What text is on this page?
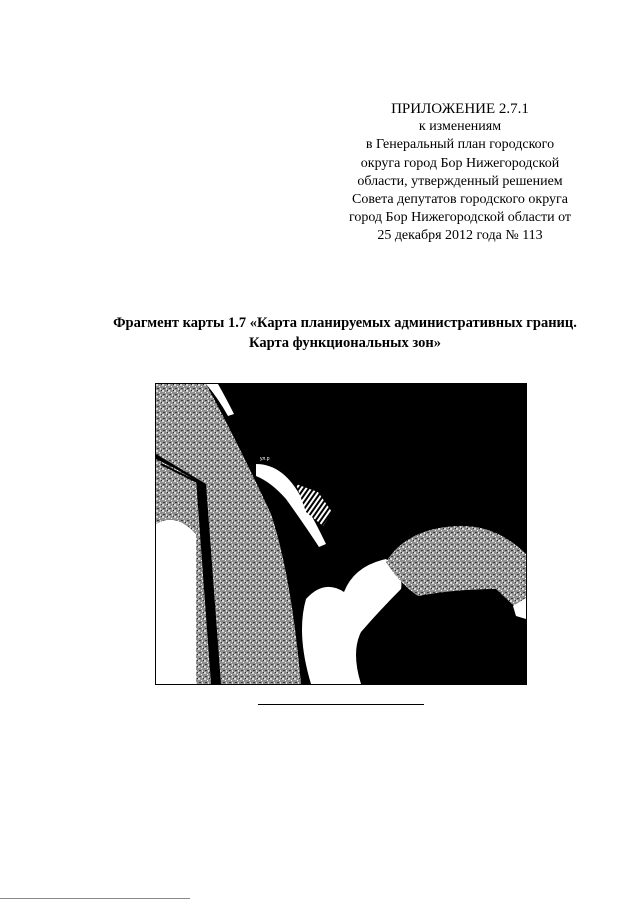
ПРИЛОЖЕНИЕ 2.7.1
к изменениям
в Генеральный план городского
округа город Бор Нижегородской
области, утвержденный решением
Совета депутатов городского округа
город Бор Нижегородской области от
25 декабря 2012 года № 113
Фрагмент карты 1.7 «Карта планируемых административных границ.
Карта функциональных зон»
ул.р
